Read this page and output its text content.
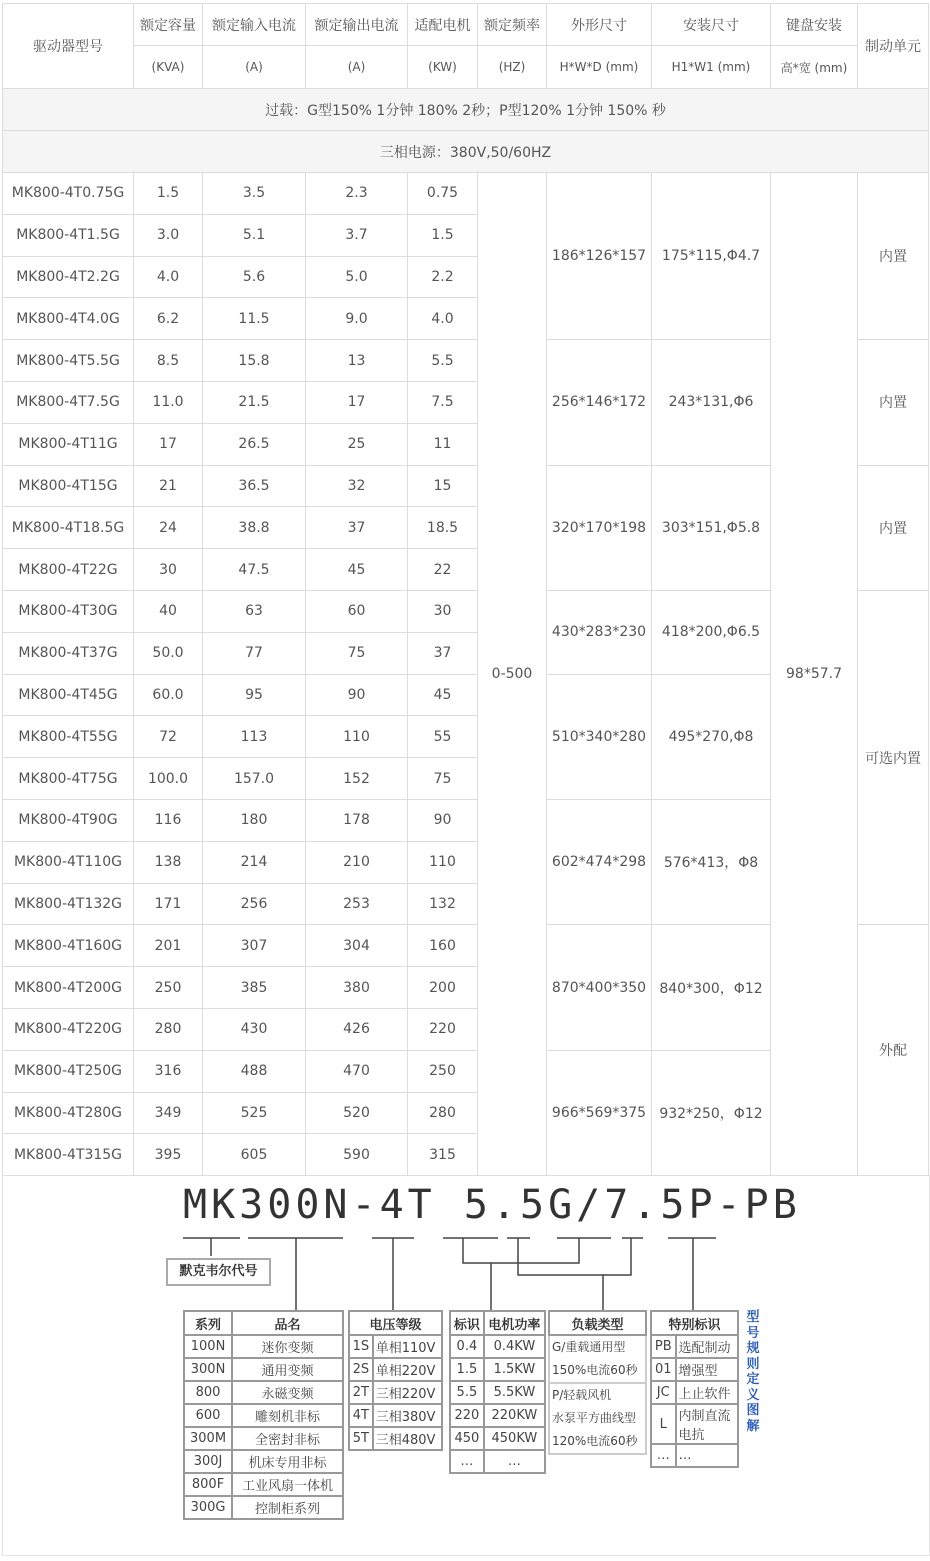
驱动器型号	额定容量	额定输入电流	额定输出电流	适配电机	额定频率	外形尺寸	安装尺寸	键盘安装	制动单元
	(KVA)	(A)	(A)	(KW)	(HZ)	H*W*D (mm)	H1*W1 (mm)	高*宽 (mm)	
过载：G型150% 1分钟 180% 2秒；P型120% 1分钟 150% 秒									
三相电源：380V,50/60HZ									
MK800-4T0.75G	1.5	3.5	2.3	0.75	0-500	186*126*157	175*115,Φ4.7	98*57.7	内置
MK800-4T1.5G	3.0	5.1	3.7	1.5					
MK800-4T2.2G	4.0	5.6	5.0	2.2					
MK800-4T4.0G	6.2	11.5	9.0	4.0					
MK800-4T5.5G	8.5	15.8	13	5.5		256*146*172	243*131,Φ6		内置
MK800-4T7.5G	11.0	21.5	17	7.5					
MK800-4T11G	17	26.5	25	11					
MK800-4T15G	21	36.5	32	15		320*170*198	303*151,Φ5.8		内置
MK800-4T18.5G	24	38.8	37	18.5					
MK800-4T22G	30	47.5	45	22					
MK800-4T30G	40	63	60	30		430*283*230	418*200,Φ6.5		可选内置
MK800-4T37G	50.0	77	75	37					
MK800-4T45G	60.0	95	90	45		510*340*280	495*270,Φ8		
MK800-4T55G	72	113	110	55					
MK800-4T75G	100.0	157.0	152	75					
MK800-4T90G	116	180	178	90		602*474*298	576*413，Φ8		
MK800-4T110G	138	214	210	110					
MK800-4T132G	171	256	253	132					
MK800-4T160G	201	307	304	160		870*400*350	840*300，Φ12		外配
MK800-4T200G	250	385	380	200					
MK800-4T220G	280	430	426	220					
MK800-4T250G	316	488	470	250		966*569*375	932*250，Φ12		
MK800-4T280G	349	525	520	280					
MK800-4T315G	395	605	590	315					
MK300N-4T 5.5G/7.5P-PB
默克韦尔代号
系列	品名
100N	迷你变频
300N	通用变频
800	永磁变频
600	雕刻机非标
300M	全密封非标
300J	机床专用非标
800F	工业风扇一体机
300G	控制柜系列
电压等级	
1S	单相110V
2S	单相220V
2T	三相220V
4T	三相380V
5T	三相480V
标识	电机功率
0.4	0.4KW
1.5	1.5KW
5.5	5.5KW
220	220KW
450	450KW
…	…
负载类型
G/重载通用型
150%电流60秒
P/轻载风机
水泵平方曲线型
120%电流60秒
特别标识	
PB	选配制动
01	增强型
JC	上止软件
L	内制直流
电抗
…	…
型号规则定义图解
